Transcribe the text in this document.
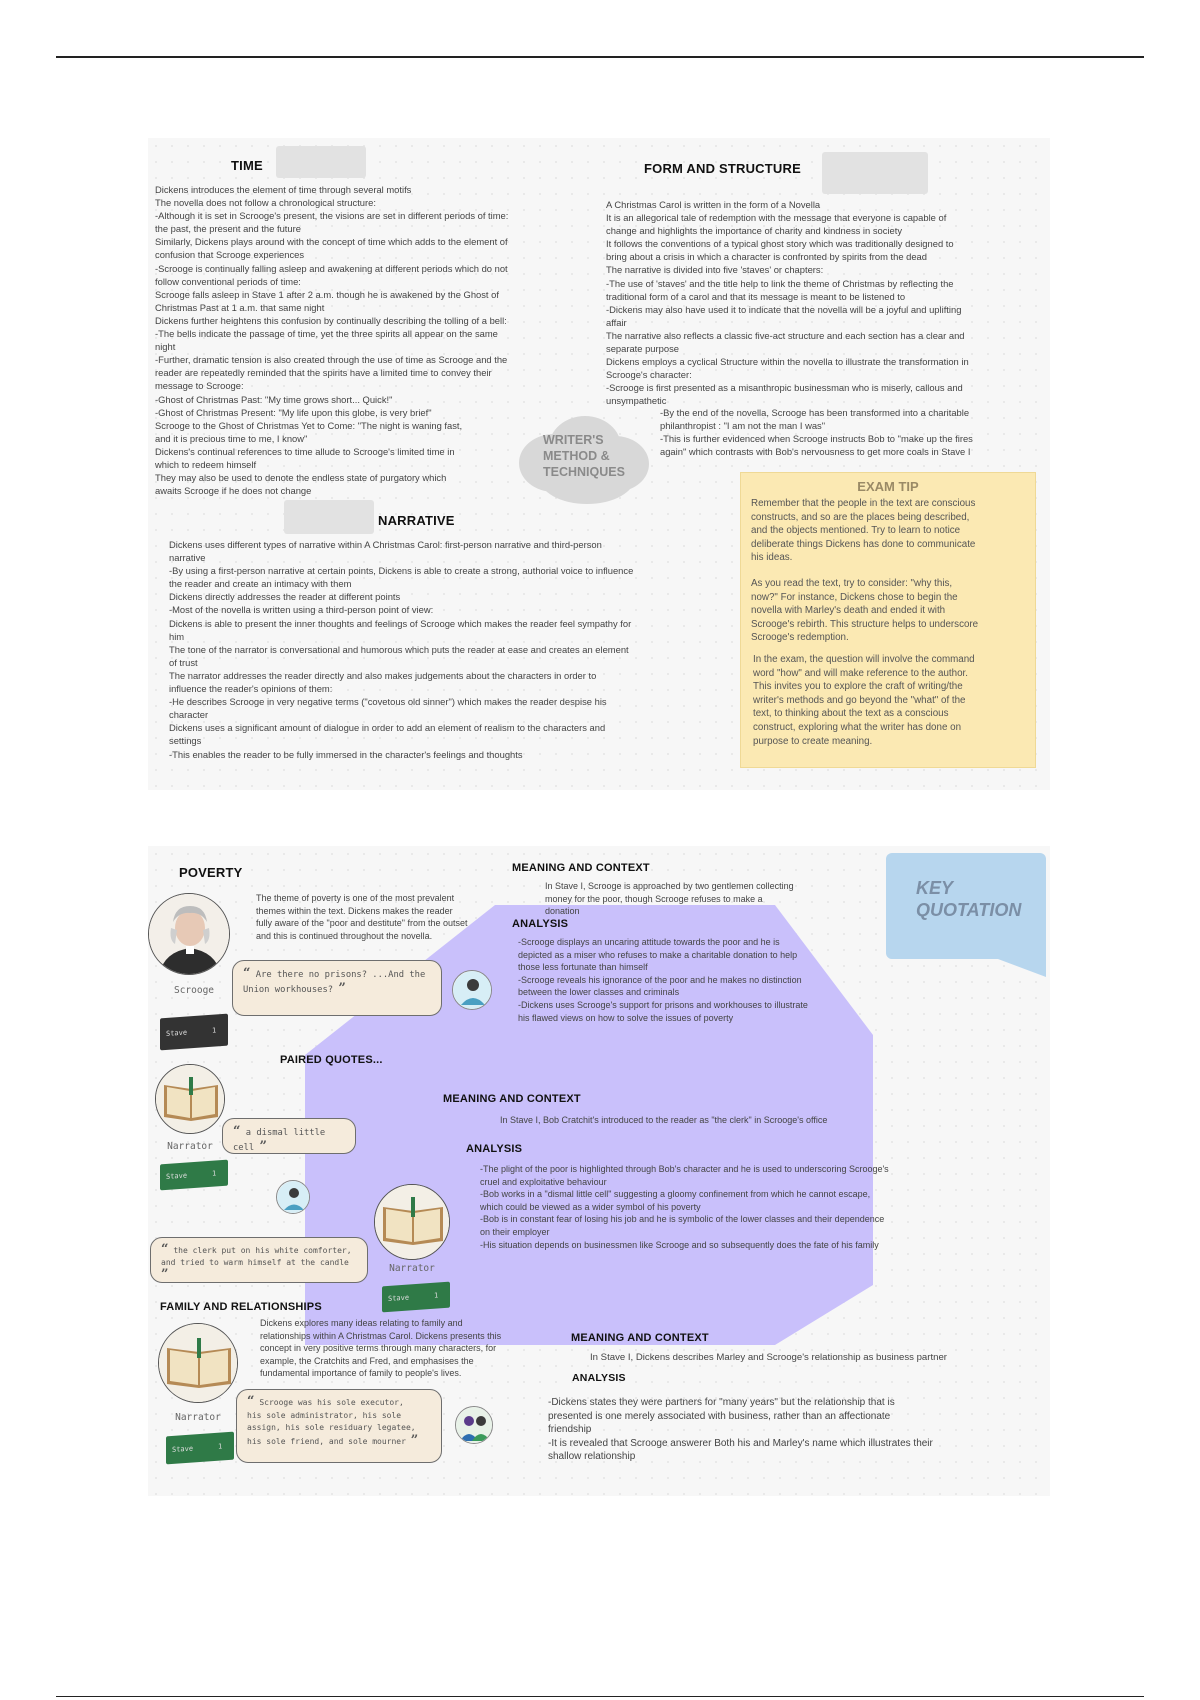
TIME

Dickens introduces the element of time through several motifs

The novella does not follow a chronological structure:

-Although it is set in Scrooge's present, the visions are set in different periods of time:

the past, the present and the future

Similarly, Dickens plays around with the concept of time which adds to the element of

confusion that Scrooge experiences

-Scrooge is continually falling asleep and awakening at different periods which do not

follow conventional periods of time:

Scrooge falls asleep in Stave 1 after 2 a.m. though he is awakened by the Ghost of

Christmas Past at 1 a.m. that same night

Dickens further heightens this confusion by continually describing the tolling of a bell:

-The bells indicate the passage of time, yet the three spirits all appear on the same

night

-Further, dramatic tension is also created through the use of time as Scrooge and the

reader are repeatedly reminded that the spirits have a limited time to convey their

message to Scrooge:

-Ghost of Christmas Past: "My time grows short... Quick!"

-Ghost of Christmas Present: "My life upon this globe, is very brief"

Scrooge to the Ghost of Christmas Yet to Come: "The night is waning fast,

and it is precious time to me, I know"

Dickens's continual references to time allude to Scrooge's limited time in

which to redeem himself

They may also be used to denote the endless state of purgatory which

awaits Scrooge if he does not change

FORM AND STRUCTURE

A Christmas Carol is written in the form of a Novella

It is an allegorical tale of redemption with the message that everyone is capable of

change and highlights the importance of charity and kindness in society

It follows the conventions of a typical ghost story which was traditionally designed to

bring about a crisis in which a character is confronted by spirits from the dead

The narrative is divided into five 'staves' or chapters:

-The use of 'staves' and the title help to link the theme of Christmas by reflecting the

traditional form of a carol and that its message is meant to be listened to

-Dickens may also have used it to indicate that the novella will be a joyful and uplifting

affair

The narrative also reflects a classic five-act structure and each section has a clear and

separate purpose

Dickens employs a cyclical Structure within the novella to illustrate the transformation in

Scrooge's character:

-Scrooge is first presented as a misanthropic businessman who is miserly, callous and

unsympathetic

-By the end of the novella, Scrooge has been transformed into a charitable

philanthropist : "I am not the man I was"

-This is further evidenced when Scrooge instructs Bob to "make up the fires

again" which contrasts with Bob's nervousness to get more coals in Stave I

WRITER'S
METHOD &
TECHNIQUES
NARRATIVE

Dickens uses different types of narrative within A Christmas Carol: first-person narrative and third-person

narrative

-By using a first-person narrative at certain points, Dickens is able to create a strong, authorial voice to influence

the reader and create an intimacy with them

Dickens directly addresses the reader at different points

-Most of the novella is written using a third-person point of view:

Dickens is able to present the inner thoughts and feelings of Scrooge which makes the reader feel sympathy for

him

The tone of the narrator is conversational and humorous which puts the reader at ease and creates an element

of trust

The narrator addresses the reader directly and also makes judgements about the characters in order to

influence the reader's opinions of them:

-He describes Scrooge in very negative terms ("covetous old sinner") which makes the reader despise his

character

Dickens uses a significant amount of dialogue in order to add an element of realism to the characters and

settings

-This enables the reader to be fully immersed in the character's feelings and thoughts

EXAM TIP

Remember that the people in the text are conscious

constructs, and so are the places being described,

and the objects mentioned. Try to learn to notice

deliberate things Dickens has done to communicate

his ideas.

As you read the text, try to consider: "why this,

now?" For instance, Dickens chose to begin the

novella with Marley's death and ended it with

Scrooge's rebirth. This structure helps to underscore

Scrooge's redemption.

In the exam, the question will involve the command

word "how" and will make reference to the author.

This invites you to explore the craft of writing/the

writer's methods and go beyond the "what" of the

text, to thinking about the text as a conscious

construct, exploring what the writer has done on

purpose to create meaning.

KEY
QUOTATION
POVERTY
Scrooge
Stave	1

The theme of poverty is one of the most prevalent

themes within the text. Dickens makes the reader

fully aware of the "poor and destitute" from the outset

and this is continued throughout the novella.

“ Are there no prisons? ...And the
Union workhouses? ”
MEANING AND CONTEXT

In Stave I, Scrooge is approached by two gentlemen collecting

money for the poor, though Scrooge refuses to make a

donation

ANALYSIS

-Scrooge displays an uncaring attitude towards the poor and he is

depicted as a miser who refuses to make a charitable donation to help

those less fortunate than himself

-Scrooge reveals his ignorance of the poor and he makes no distinction

between the lower classes and criminals

-Dickens uses Scrooge's support for prisons and workhouses to illustrate

his flawed views on how to solve the issues of poverty

PAIRED QUOTES...
Narrator
Stave	1
“ a dismal little cell ”
MEANING AND CONTEXT
In Stave I, Bob Cratchit's introduced to the reader as "the clerk" in Scrooge's office
ANALYSIS

-The plight of the poor is highlighted through Bob's character and he is used to underscoring Scrooge's

cruel and exploitative behaviour

-Bob works in a "dismal little cell" suggesting a gloomy confinement from which he cannot escape,

which could be viewed as a wider symbol of his poverty

-Bob is in constant fear of losing his job and he is symbolic of the lower classes and their dependence

on their employer

-His situation depends on businessmen like Scrooge and so subsequently does the fate of his family

Narrator
Stave	1
“ the clerk put on his white comforter,
and tried to warm himself at the candle ”
FAMILY AND RELATIONSHIPS

Dickens explores many ideas relating to family and

relationships within A Christmas Carol. Dickens presents this

concept in very positive terms through many characters, for

example, the Cratchits and Fred, and emphasises the

fundamental importance of family to people's lives.

Narrator
Stave	1
“ Scrooge was his sole executor,
his sole administrator, his sole
assign, his sole residuary legatee,
his sole friend, and sole mourner ”
MEANING AND CONTEXT
In Stave I, Dickens describes Marley and Scrooge's relationship as business partner
ANALYSIS

-Dickens states they were partners for "many years" but the relationship that is

presented is one merely associated with business, rather than an affectionate

friendship

-It is revealed that Scrooge answerer Both his and Marley's name which illustrates their

shallow relationship
